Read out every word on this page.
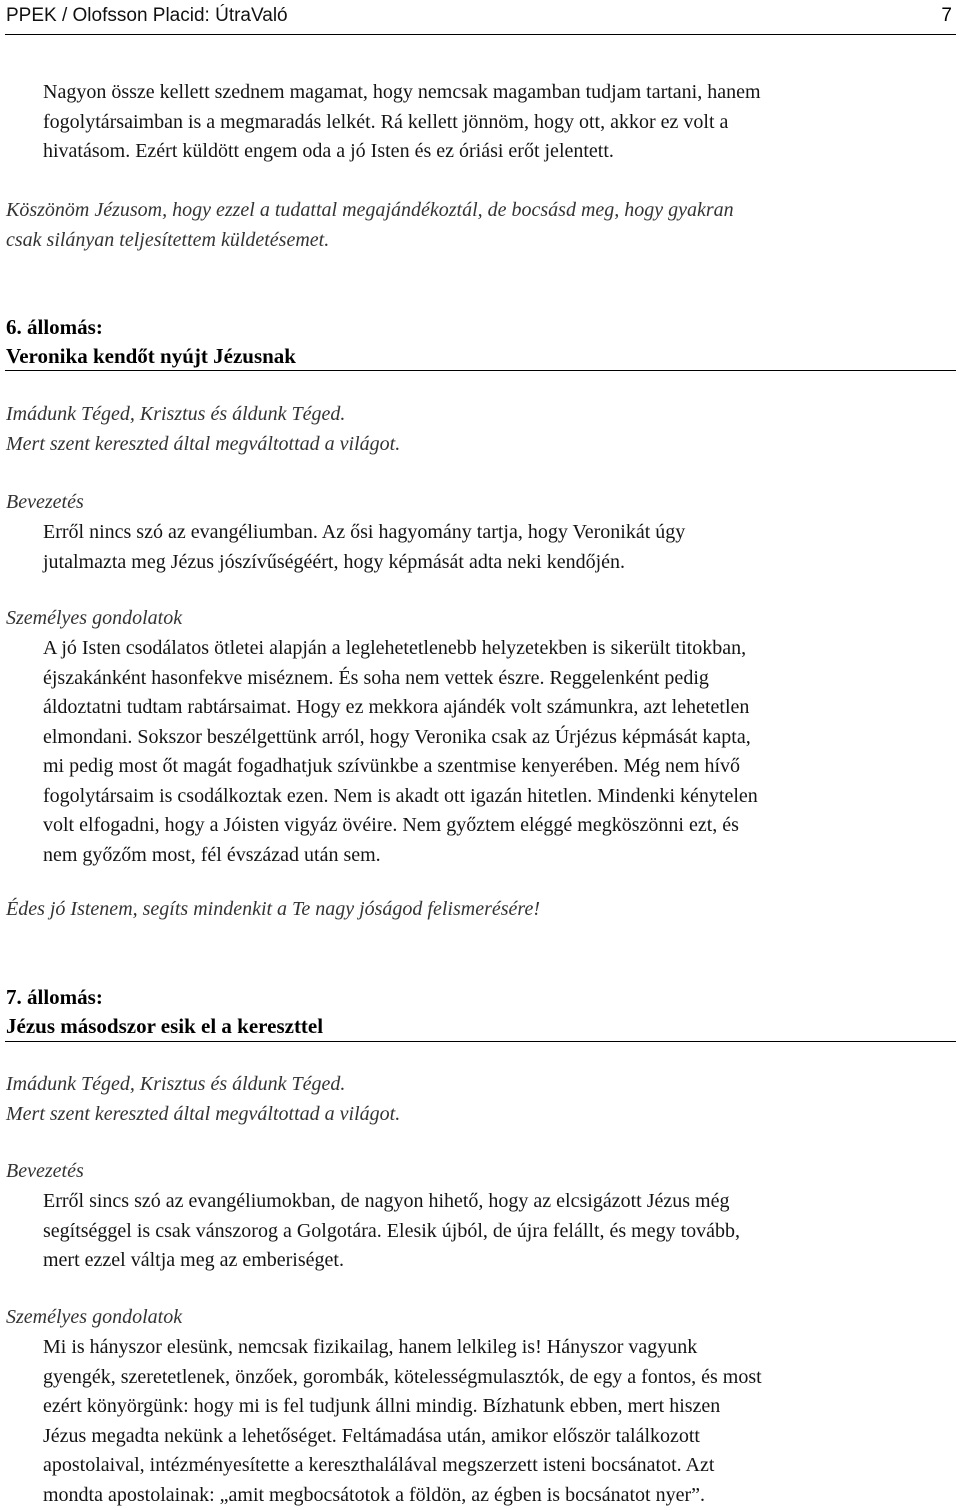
PPEK / Olofsson Placid: ÚtraValó	7
Nagyon össze kellett szednem magamat, hogy nemcsak magamban tudjam tartani, hanem
fogolytársaimban is a megmaradás lelkét. Rá kellett jönnöm, hogy ott, akkor ez volt a
hivatásom. Ezért küldött engem oda a jó Isten és ez óriási erőt jelentett.
Köszönöm Jézusom, hogy ezzel a tudattal megajándékoztál, de bocsásd meg, hogy gyakran
csak silányan teljesítettem küldetésemet.
6. állomás:
Veronika kendőt nyújt Jézusnak
Imádunk Téged, Krisztus és áldunk Téged.
Mert szent kereszted által megváltottad a világot.
Bevezetés
Erről nincs szó az evangéliumban. Az ősi hagyomány tartja, hogy Veronikát úgy
jutalmazta meg Jézus jószívűségéért, hogy képmását adta neki kendőjén.
Személyes gondolatok
A jó Isten csodálatos ötletei alapján a leglehetetlenebb helyzetekben is sikerült titokban,
éjszakánként hasonfekve miséznem. És soha nem vettek észre. Reggelenként pedig
áldoztatni tudtam rabtársaimat. Hogy ez mekkora ajándék volt számunkra, azt lehetetlen
elmondani. Sokszor beszélgettünk arról, hogy Veronika csak az Úrjézus képmását kapta,
mi pedig most őt magát fogadhatjuk szívünkbe a szentmise kenyerében. Még nem hívő
fogolytársaim is csodálkoztak ezen. Nem is akadt ott igazán hitetlen. Mindenki kénytelen
volt elfogadni, hogy a Jóisten vigyáz övéire. Nem győztem eléggé megköszönni ezt, és
nem győzőm most, fél évszázad után sem.
Édes jó Istenem, segíts mindenkit a Te nagy jóságod felismerésére!
7. állomás:
Jézus másodszor esik el a kereszttel
Imádunk Téged, Krisztus és áldunk Téged.
Mert szent kereszted által megváltottad a világot.
Bevezetés
Erről sincs szó az evangéliumokban, de nagyon hihető, hogy az elcsigázott Jézus még
segítséggel is csak vánszorog a Golgotára. Elesik újból, de újra felállt, és megy tovább,
mert ezzel váltja meg az emberiséget.
Személyes gondolatok
Mi is hányszor elesünk, nemcsak fizikailag, hanem lelkileg is! Hányszor vagyunk
gyengék, szeretetlenek, önzőek, gorombák, kötelességmulasztók, de egy a fontos, és most
ezért könyörgünk: hogy mi is fel tudjunk állni mindig. Bízhatunk ebben, mert hiszen
Jézus megadta nekünk a lehetőséget. Feltámadása után, amikor először találkozott
apostolaival, intézményesítette a kereszthalálával megszerzett isteni bocsánatot. Azt
mondta apostolainak: „amit megbocsátotok a földön, az égben is bocsánatot nyer”.
